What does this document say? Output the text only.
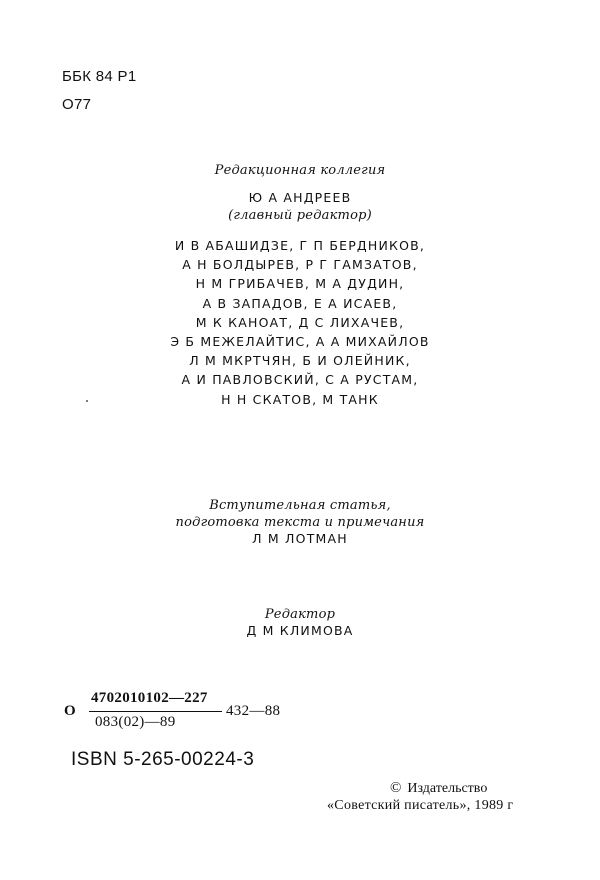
ББК 84 Р1
О77
Редакционная коллегия
Ю А АНДРЕЕВ
(главный редактор)
И В АБАШИДЗЕ, Г П БЕРДНИКОВ,
А Н БОЛДЫРЕВ, Р Г ГАМЗАТОВ,
Н М ГРИБАЧЕВ, М А ДУДИН,
А В ЗАПАДОВ, Е А ИСАЕВ,
М К КАНОАТ, Д С ЛИХАЧЕВ,
Э Б МЕЖЕЛАЙТИС, А А МИХАЙЛОВ
Л М МКРТЧЯН, Б И ОЛЕЙНИК,
А И ПАВЛОВСКИЙ, С А РУСТАМ,
Н Н СКАТОВ, М ТАНК
Вступительная статья,
подготовка текста и примечания
Л М ЛОТМАН
Редактор
Д М КЛИМОВА
О
4702010102—227
083(02)—89
432—88
ISBN 5-265-00224-3
© Издательство
«Советский писатель», 1989 г
